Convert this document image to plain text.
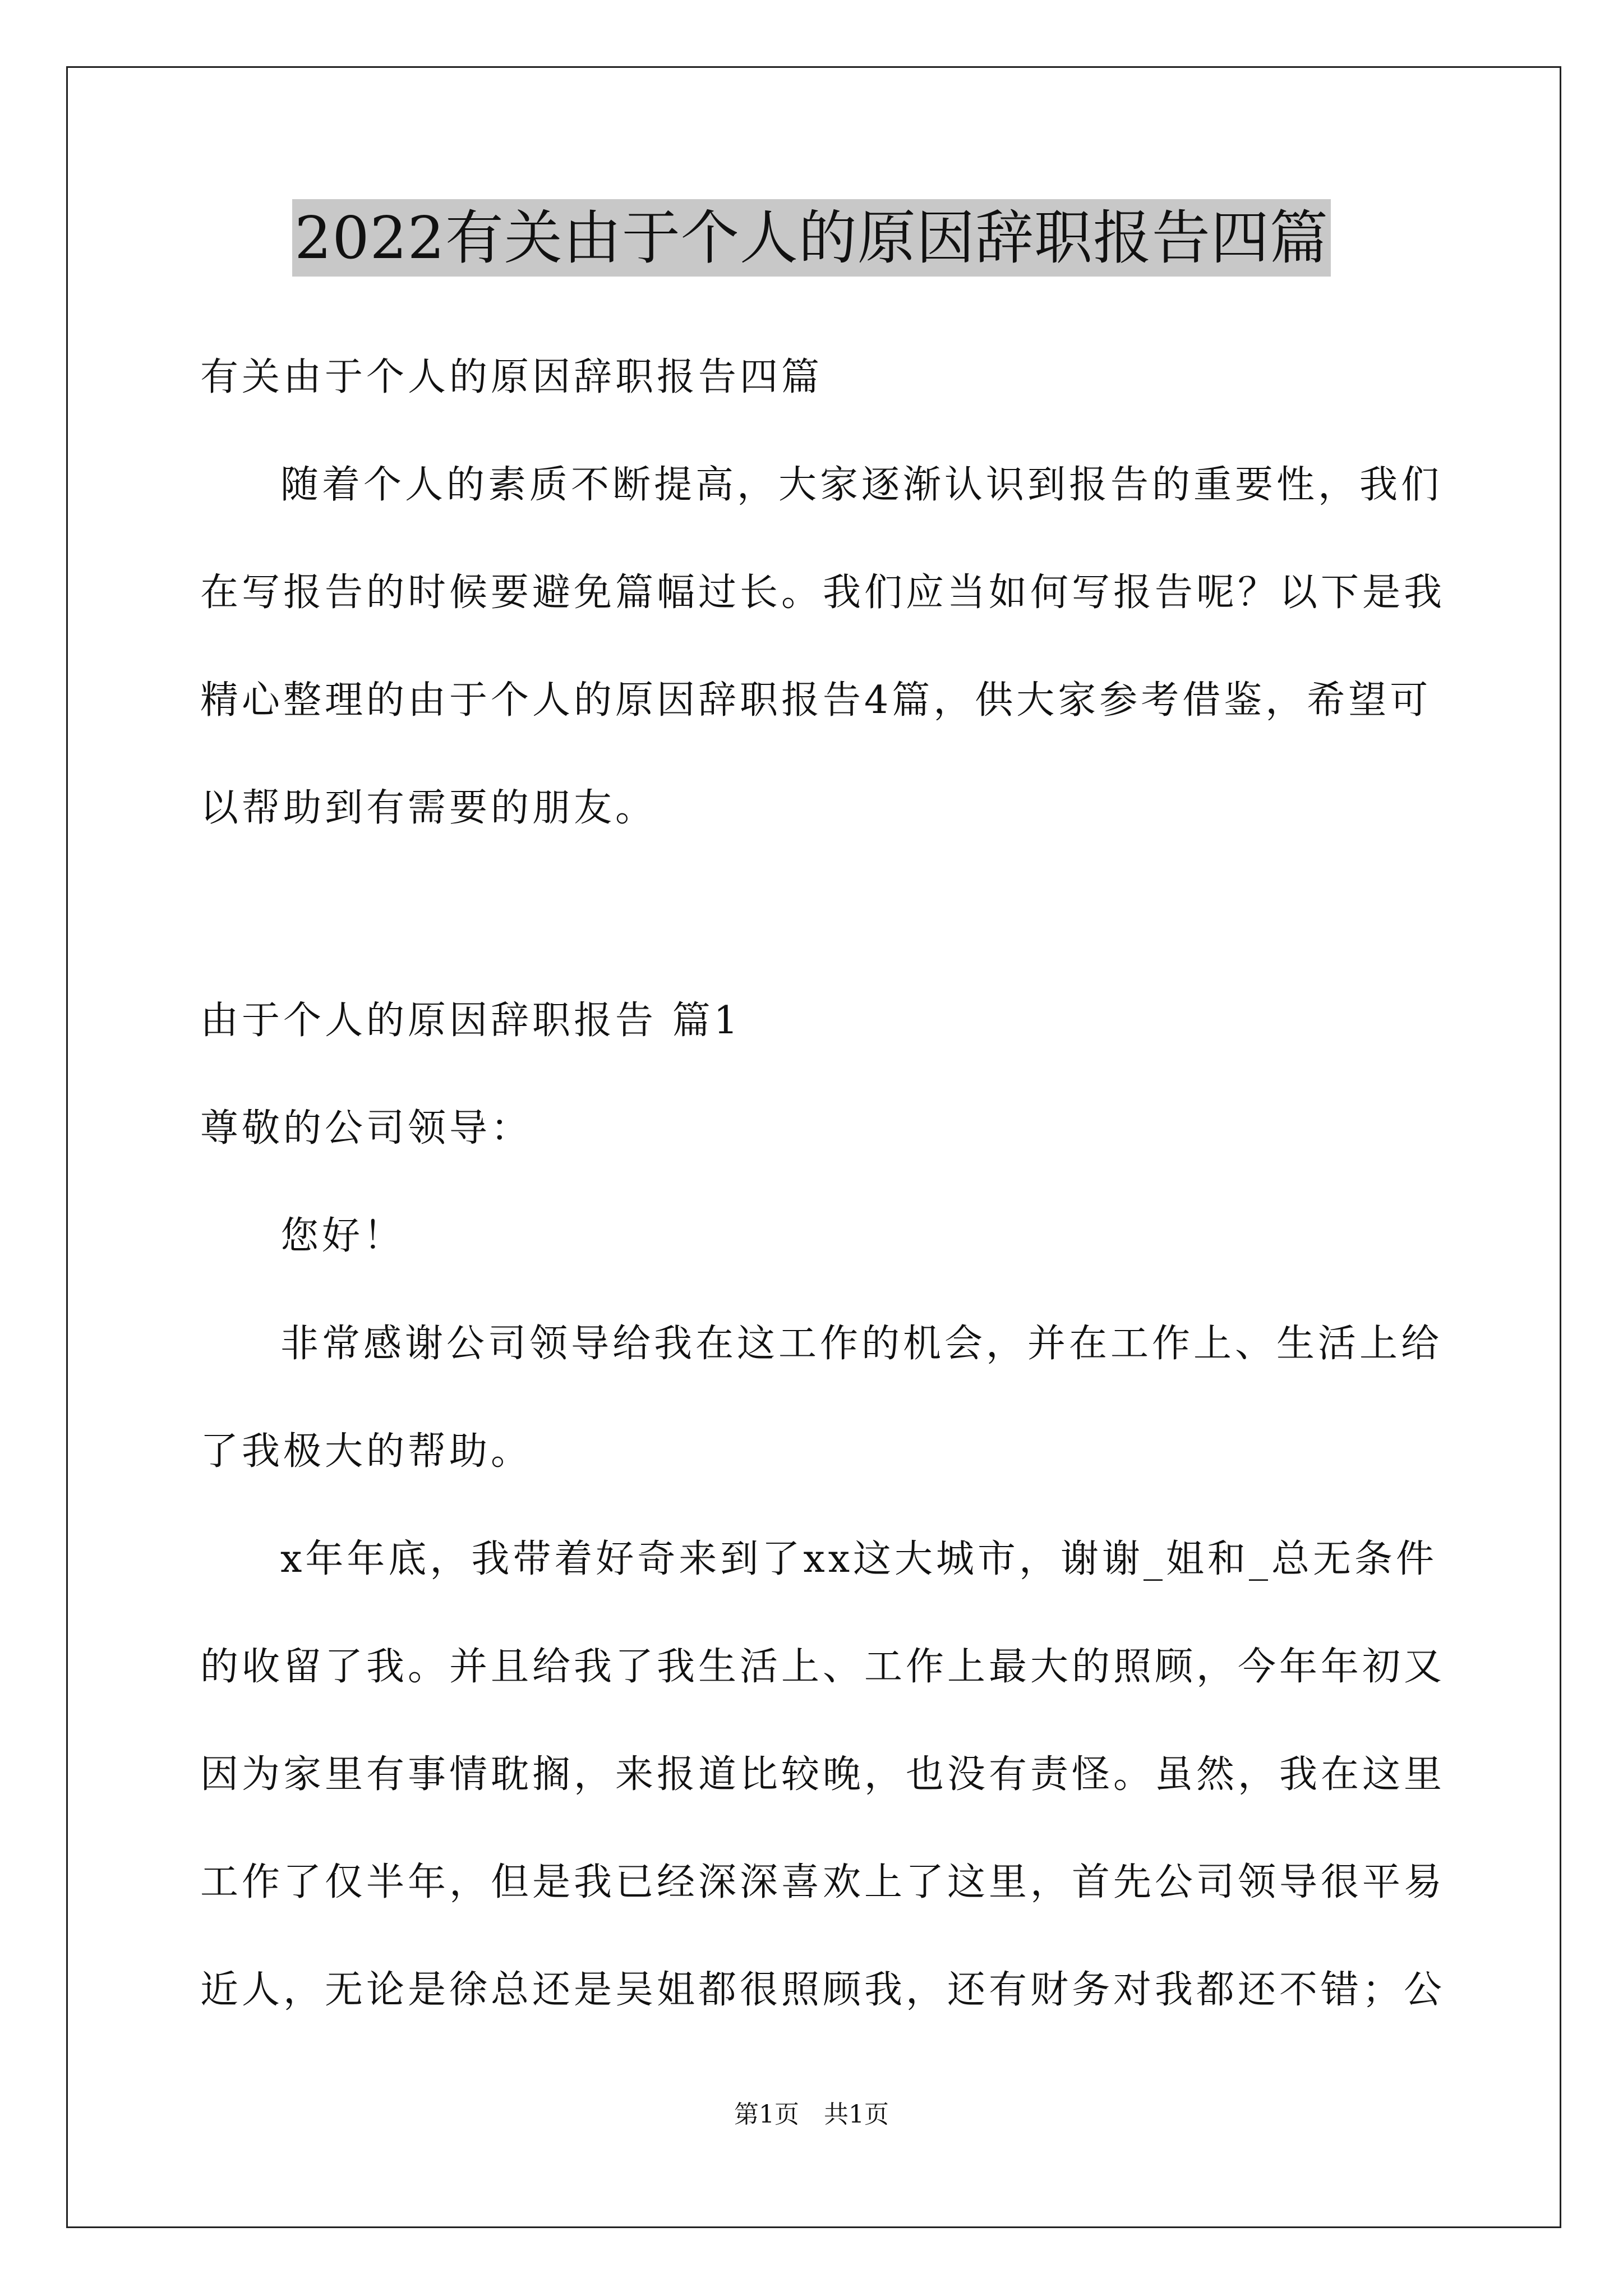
2022有关由于个人的原因辞职报告四篇
有关由于个人的原因辞职报告四篇
随着个人的素质不断提高，大家逐渐认识到报告的重要性，我们
在写报告的时候要避免篇幅过长。我们应当如何写报告呢？以下是我
精心整理的由于个人的原因辞职报告4篇，供大家参考借鉴，希望可
以帮助到有需要的朋友。
由于个人的原因辞职报告 篇1
尊敬的公司领导：
您好！
非常感谢公司领导给我在这工作的机会，并在工作上、生活上给
了我极大的帮助。
x年年底，我带着好奇来到了xx这大城市，谢谢_姐和_总无条件
的收留了我。并且给我了我生活上、工作上最大的照顾，今年年初又
因为家里有事情耽搁，来报道比较晚，也没有责怪。虽然，我在这里
工作了仅半年，但是我已经深深喜欢上了这里，首先公司领导很平易
近人，无论是徐总还是吴姐都很照顾我，还有财务对我都还不错；公
第1页　共1页
